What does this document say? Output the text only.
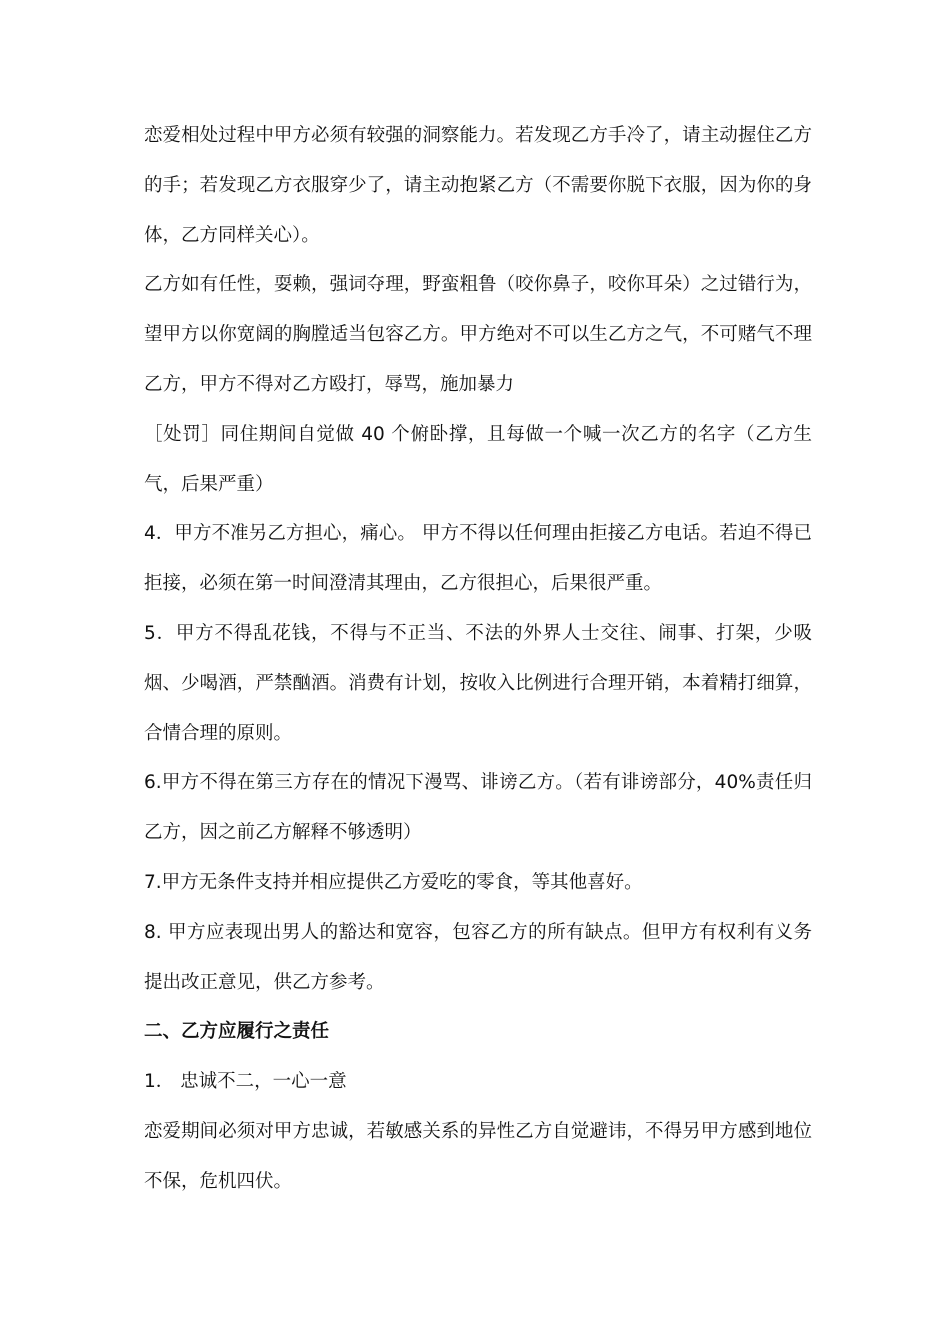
恋爱相处过程中甲方必须有较强的洞察能力。若发现乙方手冷了，请主动握住乙方的手；若发现乙方衣服穿少了，请主动抱紧乙方（不需要你脱下衣服，因为你的身体，乙方同样关心）。

乙方如有任性，耍赖，强词夺理，野蛮粗鲁（咬你鼻子，咬你耳朵）之过错行为，望甲方以你宽阔的胸膛适当包容乙方。甲方绝对不可以生乙方之气，不可赌气不理乙方，甲方不得对乙方殴打，辱骂，施加暴力

［处罚］同住期间自觉做 40 个俯卧撑，且每做一个喊一次乙方的名字（乙方生气，后果严重）

4．甲方不准另乙方担心，痛心。 甲方不得以任何理由拒接乙方电话。若迫不得已拒接，必须在第一时间澄清其理由，乙方很担心，后果很严重。

5．甲方不得乱花钱，不得与不正当、不法的外界人士交往、闹事、打架，少吸烟、少喝酒，严禁酗酒。消费有计划，按收入比例进行合理开销，本着精打细算，合情合理的原则。

6.甲方不得在第三方存在的情况下漫骂、诽谤乙方。（若有诽谤部分，40%责任归乙方，因之前乙方解释不够透明）

7.甲方无条件支持并相应提供乙方爱吃的零食，等其他喜好。

8. 甲方应表现出男人的豁达和宽容，包容乙方的所有缺点。但甲方有权利有义务提出改正意见，供乙方参考。

二、乙方应履行之责任

1． 忠诚不二，一心一意

恋爱期间必须对甲方忠诚，若敏感关系的异性乙方自觉避讳，不得另甲方感到地位不保，危机四伏。
